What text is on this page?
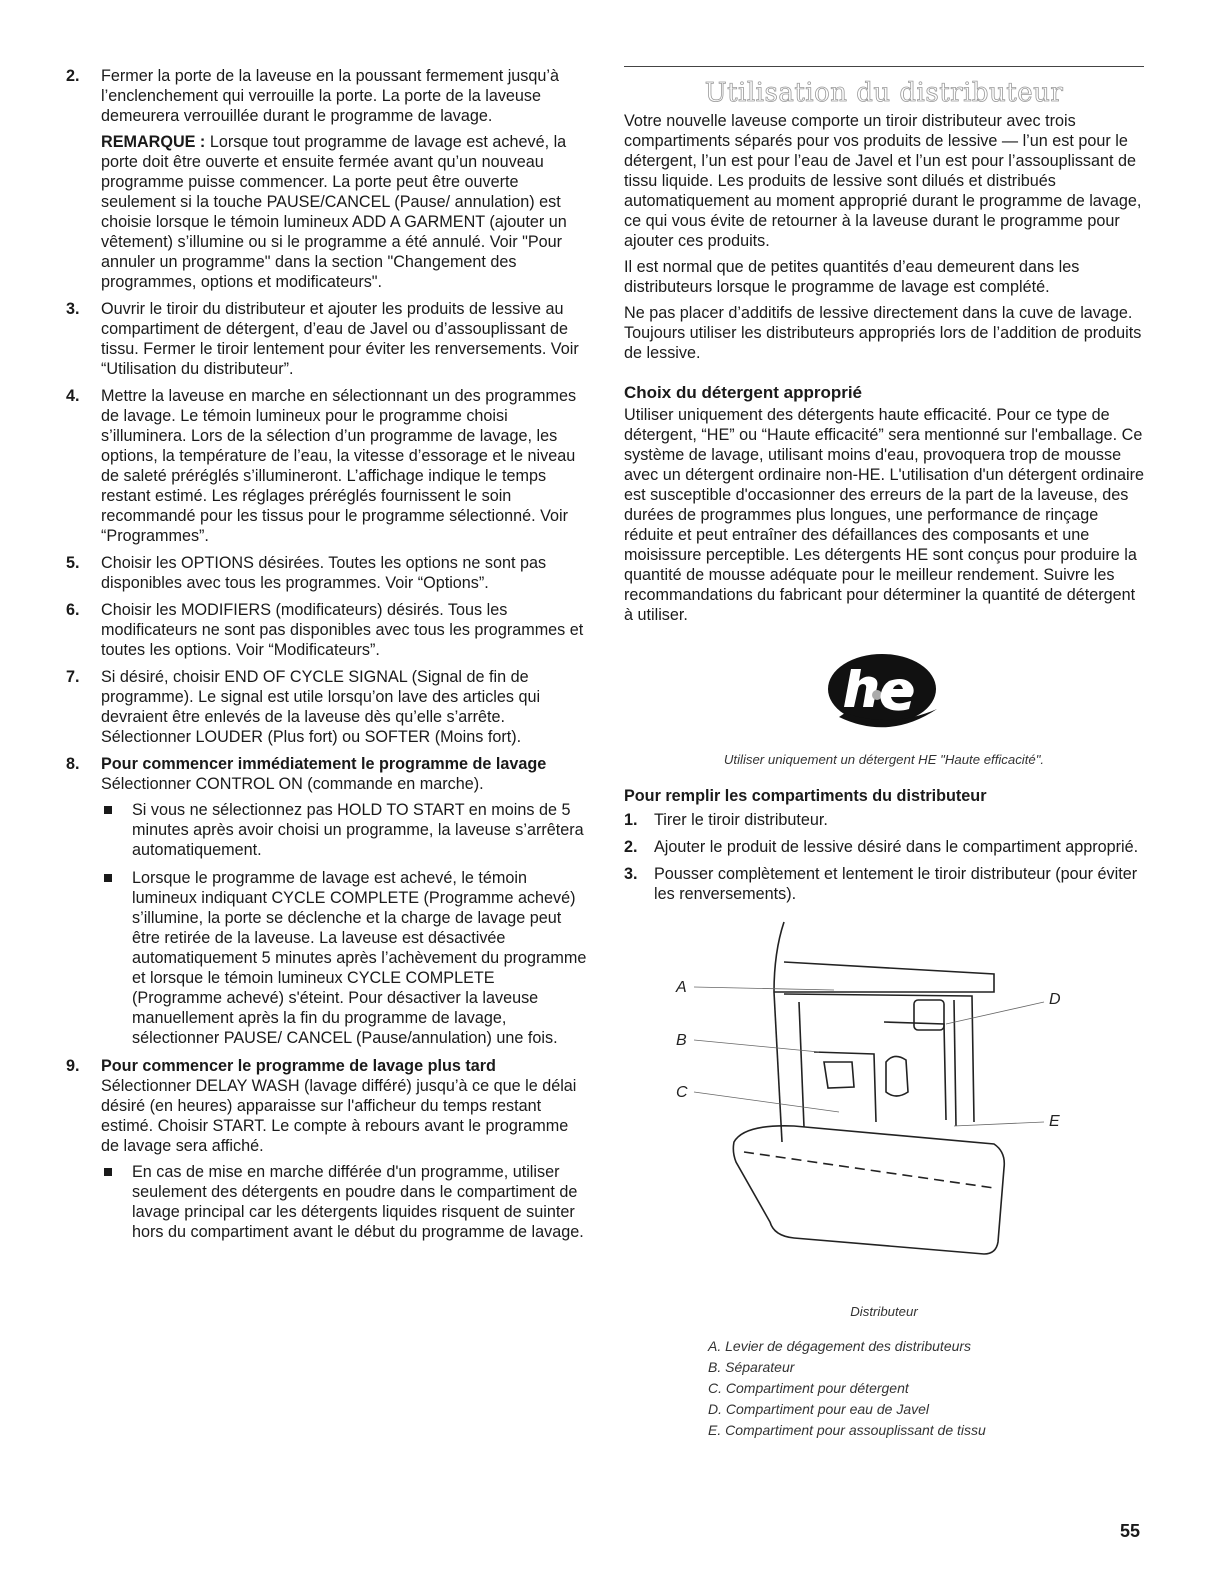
2. Fermer la porte de la laveuse en la poussant fermement jusqu’à l’enclenchement qui verrouille la porte. La porte de la laveuse demeurera verrouillée durant le programme de lavage.
REMARQUE : Lorsque tout programme de lavage est achevé, la porte doit être ouverte et ensuite fermée avant qu’un nouveau programme puisse commencer. La porte peut être ouverte seulement si la touche PAUSE/CANCEL (Pause/ annulation) est choisie lorsque le témoin lumineux ADD A GARMENT (ajouter un vêtement) s’illumine ou si le programme a été annulé. Voir "Pour annuler un programme" dans la section "Changement des programmes, options et modificateurs".
3. Ouvrir le tiroir du distributeur et ajouter les produits de lessive au compartiment de détergent, d’eau de Javel ou d’assouplissant de tissu. Fermer le tiroir lentement pour éviter les renversements. Voir “Utilisation du distributeur”.
4. Mettre la laveuse en marche en sélectionnant un des programmes de lavage. Le témoin lumineux pour le programme choisi s’illuminera. Lors de la sélection d’un programme de lavage, les options, la température de l’eau, la vitesse d’essorage et le niveau de saleté préréglés s’illumineront. L’affichage indique le temps restant estimé. Les réglages préréglés fournissent le soin recommandé pour les tissus pour le programme sélectionné. Voir “Programmes”.
5. Choisir les OPTIONS désirées. Toutes les options ne sont pas disponibles avec tous les programmes. Voir “Options”.
6. Choisir les MODIFIERS (modificateurs) désirés. Tous les modificateurs ne sont pas disponibles avec tous les programmes et toutes les options. Voir “Modificateurs”.
7. Si désiré, choisir END OF CYCLE SIGNAL (Signal de fin de programme). Le signal est utile lorsqu’on lave des articles qui devraient être enlevés de la laveuse dès qu’elle s’arrête. Sélectionner LOUDER (Plus fort) ou SOFTER (Moins fort).
8. Pour commencer immédiatement le programme de lavage
Sélectionner CONTROL ON (commande en marche).
Si vous ne sélectionnez pas HOLD TO START en moins de 5 minutes après avoir choisi un programme, la laveuse s’arrêtera automatiquement.
Lorsque le programme de lavage est achevé, le témoin lumineux indiquant CYCLE COMPLETE (Programme achevé) s’illumine, la porte se déclenche et la charge de lavage peut être retirée de la laveuse. La laveuse est désactivée automatiquement 5 minutes après l’achèvement du programme et lorsque le témoin lumineux CYCLE COMPLETE (Programme achevé) s'éteint. Pour désactiver la laveuse manuellement après la fin du programme de lavage, sélectionner PAUSE/ CANCEL (Pause/annulation) une fois.
9. Pour commencer le programme de lavage plus tard
Sélectionner DELAY WASH (lavage différé) jusqu’à ce que le délai désiré (en heures) apparaisse sur l'afficheur du temps restant estimé. Choisir START. Le compte à rebours avant le programme de lavage sera affiché.
En cas de mise en marche différée d'un programme, utiliser seulement des détergents en poudre dans le compartiment de lavage principal car les détergents liquides risquent de suinter hors du compartiment avant le début du programme de lavage.
Utilisation du distributeur

Votre nouvelle laveuse comporte un tiroir distributeur avec trois compartiments séparés pour vos produits de lessive — l’un est pour le détergent, l’un est pour l’eau de Javel et l’un est pour l’assouplissant de tissu liquide. Les produits de lessive sont dilués et distribués automatiquement au moment approprié durant le programme de lavage, ce qui vous évite de retourner à la laveuse durant le programme pour ajouter ces produits.

Il est normal que de petites quantités d’eau demeurent dans les distributeurs lorsque le programme de lavage est complété.

Ne pas placer d’additifs de lessive directement dans la cuve de lavage. Toujours utiliser les distributeurs appropriés lors de l’addition de produits de lessive.

Choix du détergent approprié

Utiliser uniquement des détergents haute efficacité. Pour ce type de détergent, “HE” ou “Haute efficacité” sera mentionné sur l'emballage. Ce système de lavage, utilisant moins d'eau, provoquera trop de mousse avec un détergent ordinaire non-HE. L'utilisation d'un détergent ordinaire est susceptible d'occasionner des erreurs de la part de la laveuse, des durées de programmes plus longues, une performance de rinçage réduite et peut entraîner des défaillances des composants et une moisissure perceptible. Les détergents HE sont conçus pour produire la quantité de mousse adéquate pour le meilleur rendement. Suivre les recommandations du fabricant pour déterminer la quantité de détergent à utiliser.

Utiliser uniquement un détergent HE "Haute efficacité".
Pour remplir les compartiments du distributeur
1. Tirer le tiroir distributeur.
2. Ajouter le produit de lessive désiré dans le compartiment approprié.
3. Pousser complètement et lentement le tiroir distributeur (pour éviter les renversements).
A
B
C
D
E
Distributeur
A. Levier de dégagement des distributeurs
B. Séparateur
C. Compartiment pour détergent
D. Compartiment pour eau de Javel
E. Compartiment pour assouplissant de tissu
55
